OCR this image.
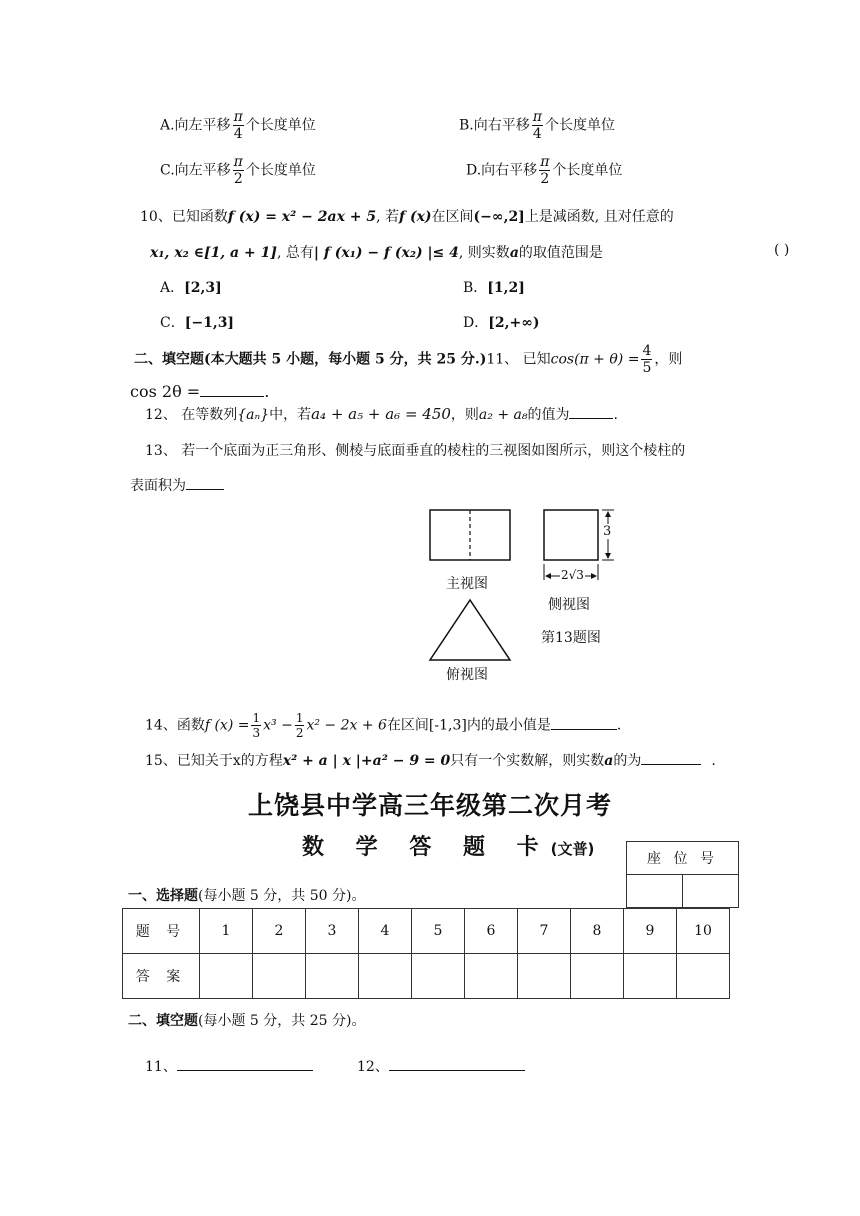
A.向左平移 $\frac{\pi}{4}$ 个长度单位	B.向右平移 $\frac{\pi}{4}$ 个长度单位
C.向左平移 $\frac{\pi}{2}$ 个长度单位	D.向右平移 $\frac{\pi}{2}$ 个长度单位
10、已知函数f (x) = x² − 2ax + 5, 若f (x)在区间(−∞,2]上是减函数, 且对任意的
x₁, x₂ ∈[1, a + 1], 总有| f (x₁) − f (x₂) |≤ 4, 则实数a的取值范围是	( )
A．[2,3]	B．[1,2]
C．[−1,3]	D．[2,+∞)
二、填空题(本大题共 5 小题，每小题 5 分，共 25 分.)11、 已知$\cos(\pi + \theta) = \frac{4}{5}$ ，则
cos 2θ =	.
12、 在等数列{aₙ}中，若a₄ + a₅ + a₆ = 450，则a₂ + a₈的值为	.
13、 若一个底面为正三角形、侧棱与底面垂直的棱柱的三视图如图所示，则这个棱柱的
表面积为
3
2√3
主视图
侧视图
第13题图
俯视图
14、函数f $(x) = \frac{1}{3} x^3 - \frac{1}{2} x^2 - 2x + 6$在区间[-1,3]内的最小值是	.
15、已知关于x的方程x² + a | x |+a² − 9 = 0只有一个实数解，则实数a的为	.
上饶县中学高三年级第二次月考
数 学 答 题 卡(文普)
座 位 号

一、选择题(每小题 5 分，共 50 分)。
题 号	1	2	3	4	5	6	7	8	9	10
答 案										
二、填空题(每小题 5 分，共 25 分)。
11、	12、
